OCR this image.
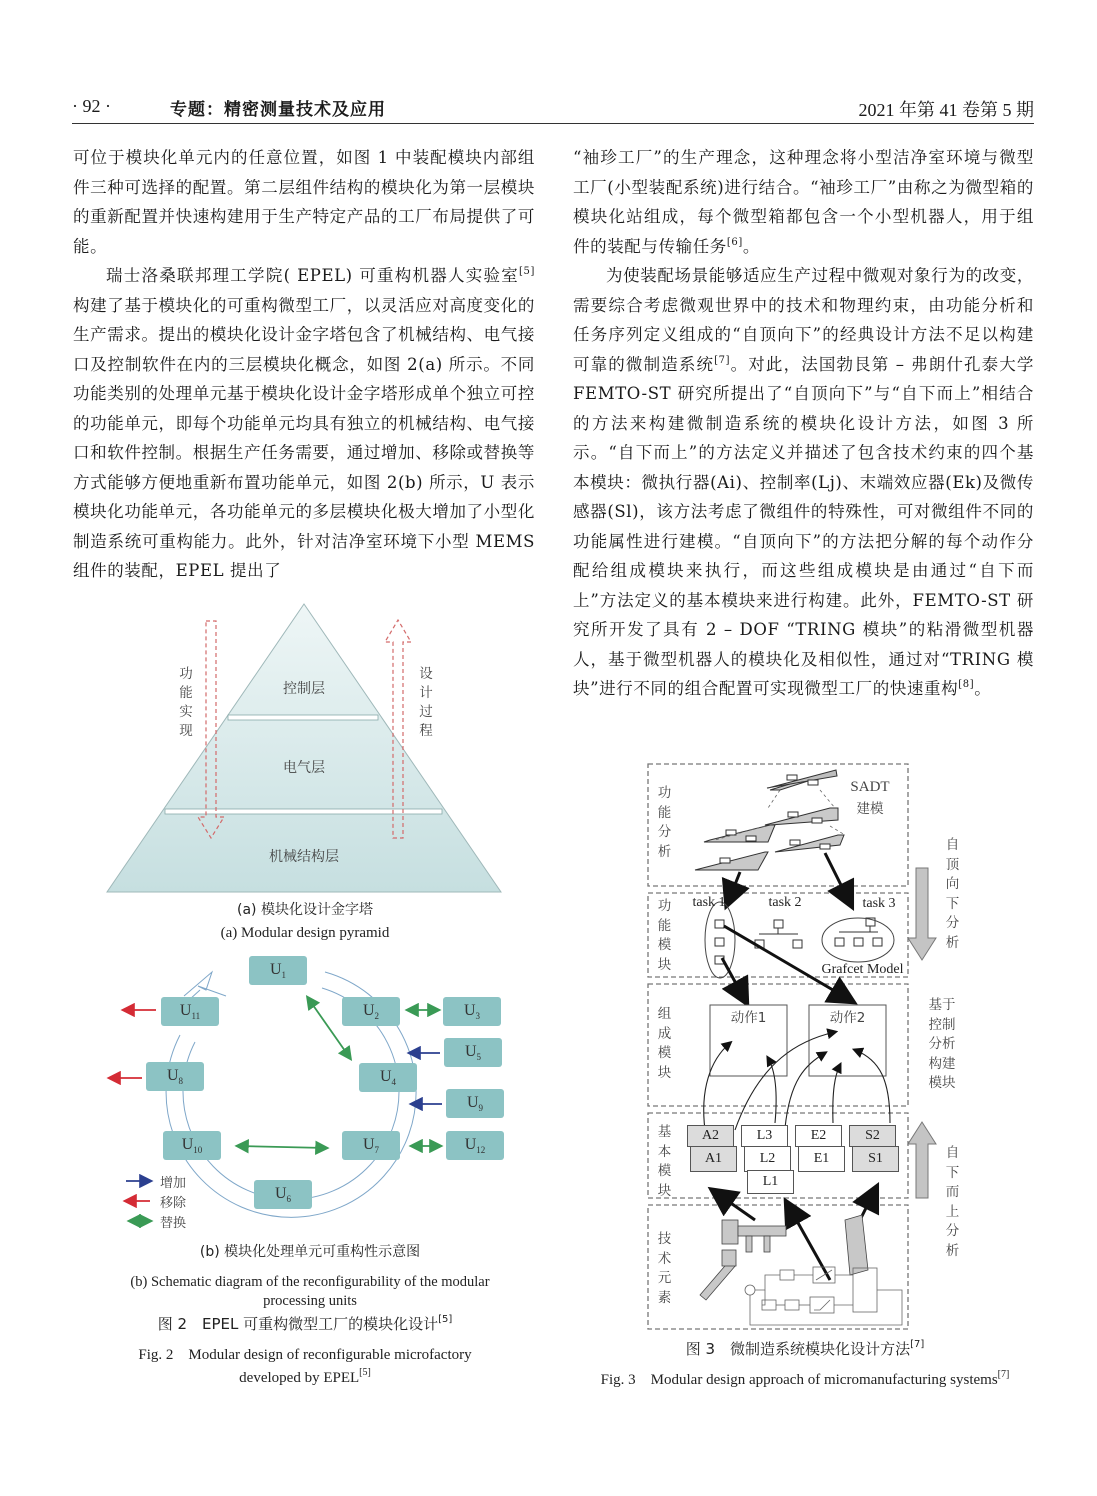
· 92 ·	专题：精密测量技术及应用	2021 年第 41 卷第 5 期

可位于模块化单元内的任意位置，如图 1 中装配模块内部组件三种可选择的配置。第二层组件结构的模块化为第一层模块的重新配置并快速构建用于生产特定产品的工厂布局提供了可能。

瑞士洛桑联邦理工学院( EPEL) 可重构机器人实验室[5]构建了基于模块化的可重构微型工厂，以灵活应对高度变化的生产需求。提出的模块化设计金字塔包含了机械结构、电气接口及控制软件在内的三层模块化概念，如图 2(a) 所示。不同功能类别的处理单元基于模块化设计金字塔形成单个独立可控的功能单元，即每个功能单元均具有独立的机械结构、电气接口和软件控制。根据生产任务需要，通过增加、移除或替换等方式能够方便地重新布置功能单元，如图 2(b) 所示，U 表示模块化功能单元，各功能单元的多层模块化极大增加了小型化制造系统可重构能力。此外，针对洁净室环境下小型 MEMS 组件的装配，EPEL 提出了

“袖珍工厂”的生产理念，这种理念将小型洁净室环境与微型工厂(小型装配系统)进行结合。“袖珍工厂”由称之为微型箱的模块化站组成，每个微型箱都包含一个小型机器人，用于组件的装配与传输任务[6]。

为使装配场景能够适应生产过程中微观对象行为的改变，需要综合考虑微观世界中的技术和物理约束，由功能分析和任务序列定义组成的“自顶向下”的经典设计方法不足以构建可靠的微制造系统[7]。对此，法国勃艮第 – 弗朗什孔泰大学 FEMTO-ST 研究所提出了“自顶向下”与“自下而上”相结合的方法来构建微制造系统的模块化设计方法，如图 3 所示。“自下而上”的方法定义并描述了包含技术约束的四个基本模块：微执行器(Ai)、控制率(Lj)、末端效应器(Ek)及微传感器(Sl)，该方法考虑了微组件的特殊性，可对微组件不同的功能属性进行建模。“自顶向下”的方法把分解的每个动作分配给组成模块来执行，而这些组成模块是由通过“自下而上”方法定义的基本模块来进行构建。此外，FEMTO-ST 研究所开发了具有 2 – DOF “TRING 模块”的粘滑微型机器人，基于微型机器人的模块化及相似性，通过对“TRING 模块”进行不同的组合配置可实现微型工厂的快速重构[8]。

控制层
电气层
机械结构层
功能实现
设计过程
(a) 模块化设计金字塔
(a) Modular design pyramid
$U_1$
$U_2$	$U_3$
$U_4$
$U_5$
$U_6$
$U_7$
$U_8$
$U_9$
$U_{10}$
$U_{11}$
$U_{12}$
增加
移除
替换
(b) 模块化处理单元可重构性示意图
(b) Schematic diagram of the reconfigurability of the modular processing units
图 2　EPEL 可重构微型工厂的模块化设计[5]
Fig. 2　Modular design of reconfigurable microfactory
developed by EPEL[5]
功能分析
功能模块
组成模块
基本模块
技术元素
SADT
建模
task 1	task 2	task 3
Grafcet Model
动作1	动作2
A2	L3	E2	S2
A1	L2	E1	S1
L1
自顶向下分析
基于控制分析构建模块
自下而上分析
图 3　微制造系统模块化设计方法[7]
Fig. 3　Modular design approach of micromanufacturing systems[7]
